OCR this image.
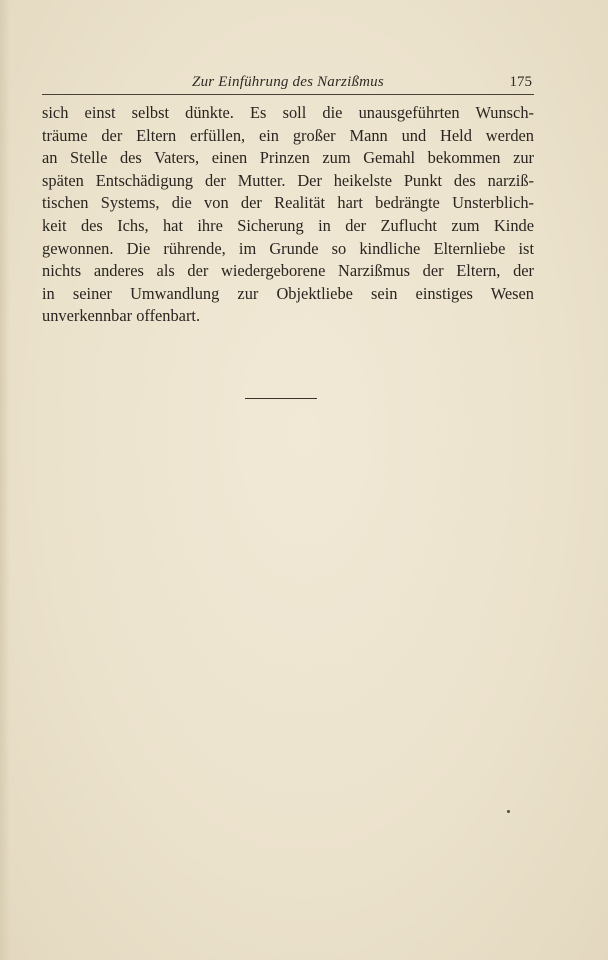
Zur Einführung des Narzißmus	175
sich einst selbst dünkte. Es soll die unausgeführten Wunsch-
träume der Eltern erfüllen, ein großer Mann und Held werden
an Stelle des Vaters, einen Prinzen zum Gemahl bekommen zur
späten Entschädigung der Mutter. Der heikelste Punkt des narziß-
tischen Systems, die von der Realität hart bedrängte Unsterblich-
keit des Ichs, hat ihre Sicherung in der Zuflucht zum Kinde
gewonnen. Die rührende, im Grunde so kindliche Elternliebe ist
nichts anderes als der wiedergeborene Narzißmus der Eltern, der
in seiner Umwandlung zur Objektliebe sein einstiges Wesen
unverkennbar offenbart.
